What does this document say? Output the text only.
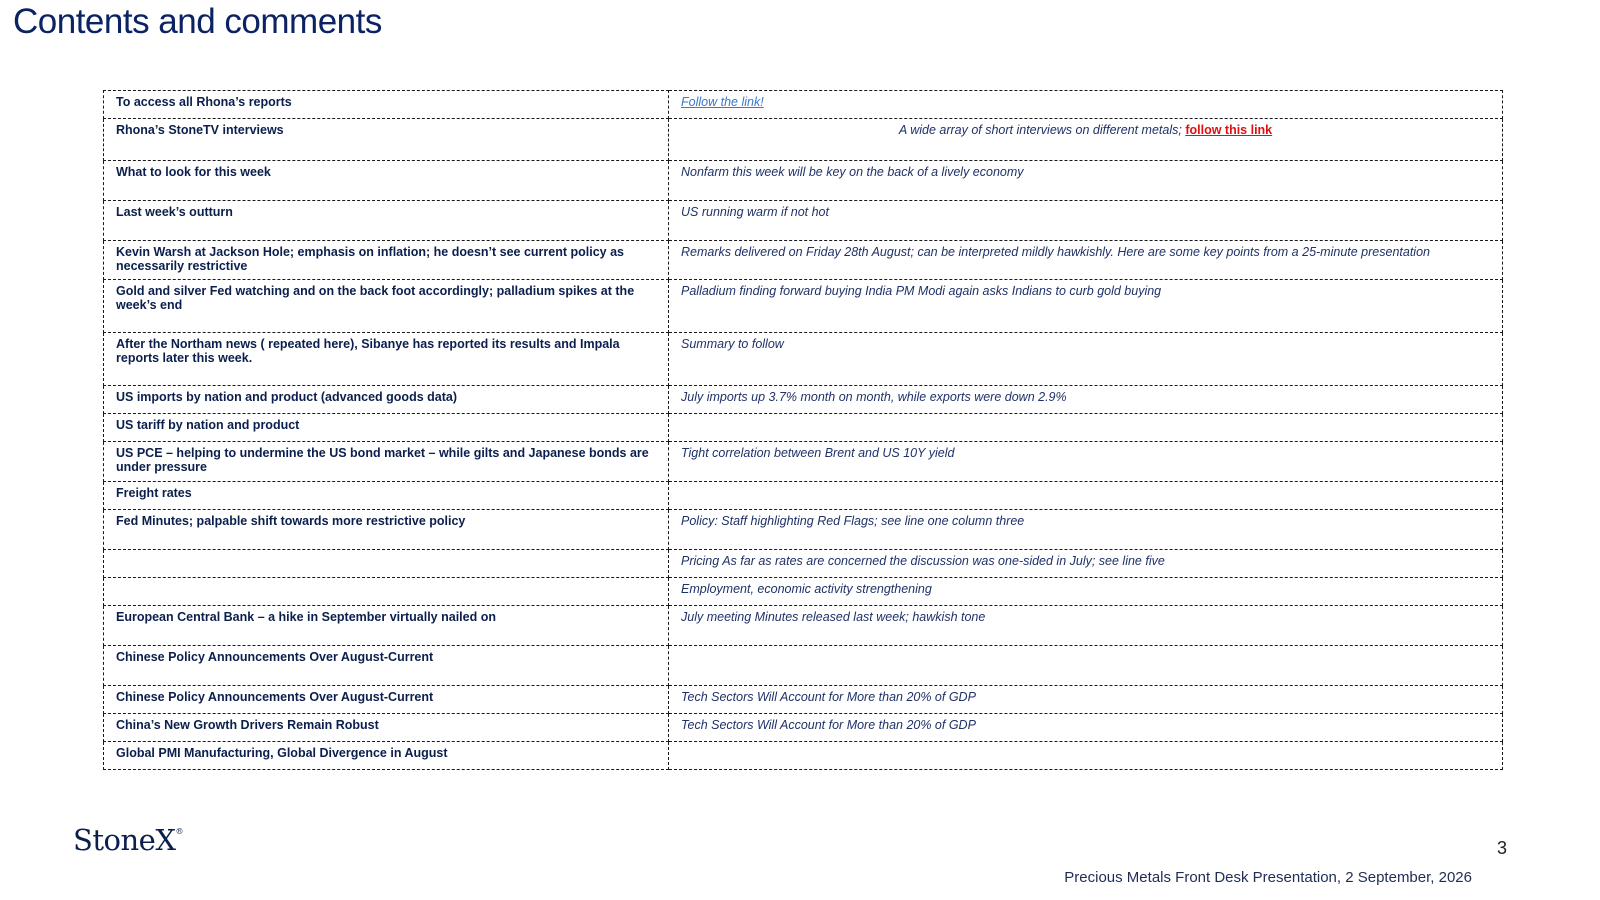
Contents and comments
To access all Rhona’s reports	Follow the link!
Rhona’s StoneTV interviews	A wide array of short interviews on different metals; follow this link
What to look for this week	Nonfarm this week will be key on the back of a lively economy
Last week’s outturn	US running warm if not hot
Kevin Warsh at Jackson Hole; emphasis on inflation; he doesn’t see current policy as necessarily restrictive	Remarks delivered on Friday 28th August; can be interpreted mildly hawkishly. Here are some key points from a 25-minute presentation
Gold and silver Fed watching and on the back foot accordingly; palladium spikes at the week’s end	Palladium finding forward buying India PM Modi again asks Indians to curb gold buying
After the Northam news ( repeated here), Sibanye has reported its results and Impala reports later this week.	Summary to follow
US imports by nation and product (advanced goods data)	July imports up 3.7% month on month, while exports were down 2.9%
US tariff by nation and product	
US PCE – helping to undermine the US bond market – while gilts and Japanese bonds are under pressure	Tight correlation between Brent and US 10Y yield
Freight rates	
Fed Minutes; palpable shift towards more restrictive policy	Policy: Staff highlighting Red Flags; see line one column three
	Pricing As far as rates are concerned the discussion was one-sided in July; see line five
	Employment, economic activity strengthening
European Central Bank – a hike in September virtually nailed on	July meeting Minutes released last week; hawkish tone
Chinese Policy Announcements Over August-Current	
Chinese Policy Announcements Over August-Current	Tech Sectors Will Account for More than 20% of GDP
China’s New Growth Drivers Remain Robust	Tech Sectors Will Account for More than 20% of GDP
Global PMI Manufacturing, Global Divergence in August	
StoneX®
3
Precious Metals Front Desk Presentation, 2 September, 2026
